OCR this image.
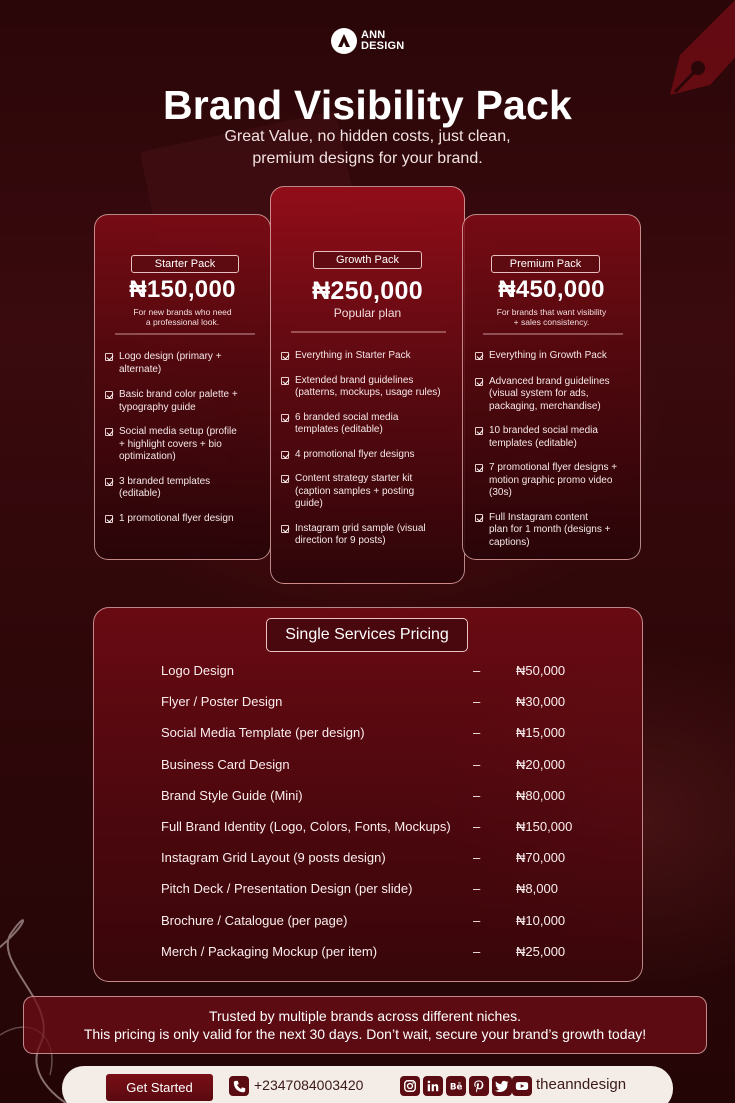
ANN
DESIGN
Brand Visibility Pack
Great Value, no hidden costs, just clean,
premium designs for your brand.
Starter Pack
₦150,000
For new brands who need
a professional look.
Logo design (primary +
alternate)
Basic brand color palette +
typography guide
Social media setup (profile
+ highlight covers + bio
optimization)
3 branded templates
(editable)
1 promotional flyer design
Growth Pack
₦250,000
Popular plan
Everything in Starter Pack
Extended brand guidelines
(patterns, mockups, usage rules)
6 branded social media
templates (editable)
4 promotional flyer designs
Content strategy starter kit
(caption samples + posting
guide)
Instagram grid sample (visual
direction for 9 posts)
Premium Pack
₦450,000
For brands that want visibility
+ sales consistency.
Everything in Growth Pack
Advanced brand guidelines
(visual system for ads,
packaging, merchandise)
10 branded social media
templates (editable)
7 promotional flyer designs +
motion graphic promo video
(30s)
Full Instagram content
plan for 1 month (designs +
captions)
Single Services Pricing
Logo Design	–	₦50,000
Flyer / Poster Design	–	₦30,000
Social Media Template (per design)	–	₦15,000
Business Card Design	–	₦20,000
Brand Style Guide (Mini)	–	₦80,000
Full Brand Identity (Logo, Colors, Fonts, Mockups) –	₦150,000
Instagram Grid Layout (9 posts design)	–	₦70,000
Pitch Deck / Presentation Design (per slide)	–	₦8,000
Brochure / Catalogue (per page)	–	₦10,000
Merch / Packaging Mockup (per item)	–	₦25,000
Trusted by multiple brands across different niches.
This pricing is only valid for the next 30 days. Don’t wait, secure your brand’s growth today!
Get Started	+2347084003420	Bē	theanndesign
